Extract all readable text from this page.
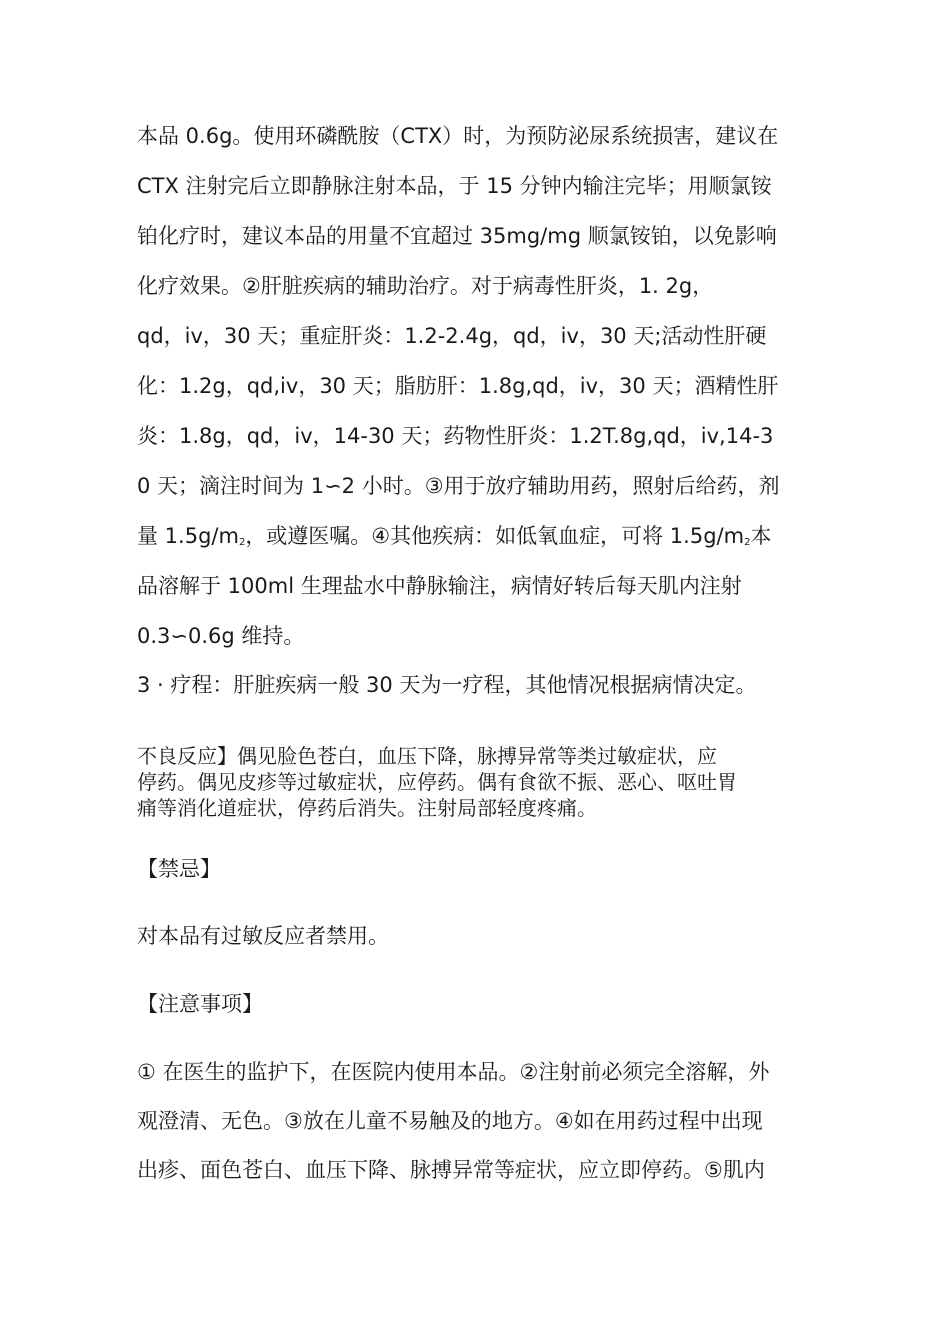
本品 0.6g。使用环磷酰胺（CTX）时，为预防泌尿系统损害，建议在
CTX 注射完后立即静脉注射本品，于 15 分钟内输注完毕；用顺氯铵
铂化疗时，建议本品的用量不宜超过 35mg/mg 顺氯铵铂，以免影响
化疗效果。②肝脏疾病的辅助治疗。对于病毒性肝炎，1. 2g，
qd，iv，30 天；重症肝炎：1.2-2.4g，qd，iv，30 天;活动性肝硬
化：1.2g，qd,iv，30 天；脂肪肝：1.8g,qd，iv，30 天；酒精性肝
炎：1.8g，qd，iv，14-30 天；药物性肝炎：1.2T.8g,qd，iv,14-3
0 天；滴注时间为 1∽2 小时。③用于放疗辅助用药，照射后给药，剂
量 $1.5g/m_2$，或遵医嘱。④其他疾病：如低氧血症，可将 $1.5g/m_2$本
品溶解于 100ml 生理盐水中静脉输注，病情好转后每天肌内注射
0.3∽0.6g 维持。
3 · 疗程：肝脏疾病一般 30 天为一疗程，其他情况根据病情决定。
不良反应】偶见脸色苍白，血压下降，脉搏异常等类过敏症状，应
停药。偶见皮疹等过敏症状，应停药。偶有食欲不振、恶心、呕吐胃
痛等消化道症状，停药后消失。注射局部轻度疼痛。
【禁忌】
对本品有过敏反应者禁用。
【注意事项】
① 在医生的监护下，在医院内使用本品。②注射前必须完全溶解，外
观澄清、无色。③放在儿童不易触及的地方。④如在用药过程中出现
出疹、面色苍白、血压下降、脉搏异常等症状，应立即停药。⑤肌内
